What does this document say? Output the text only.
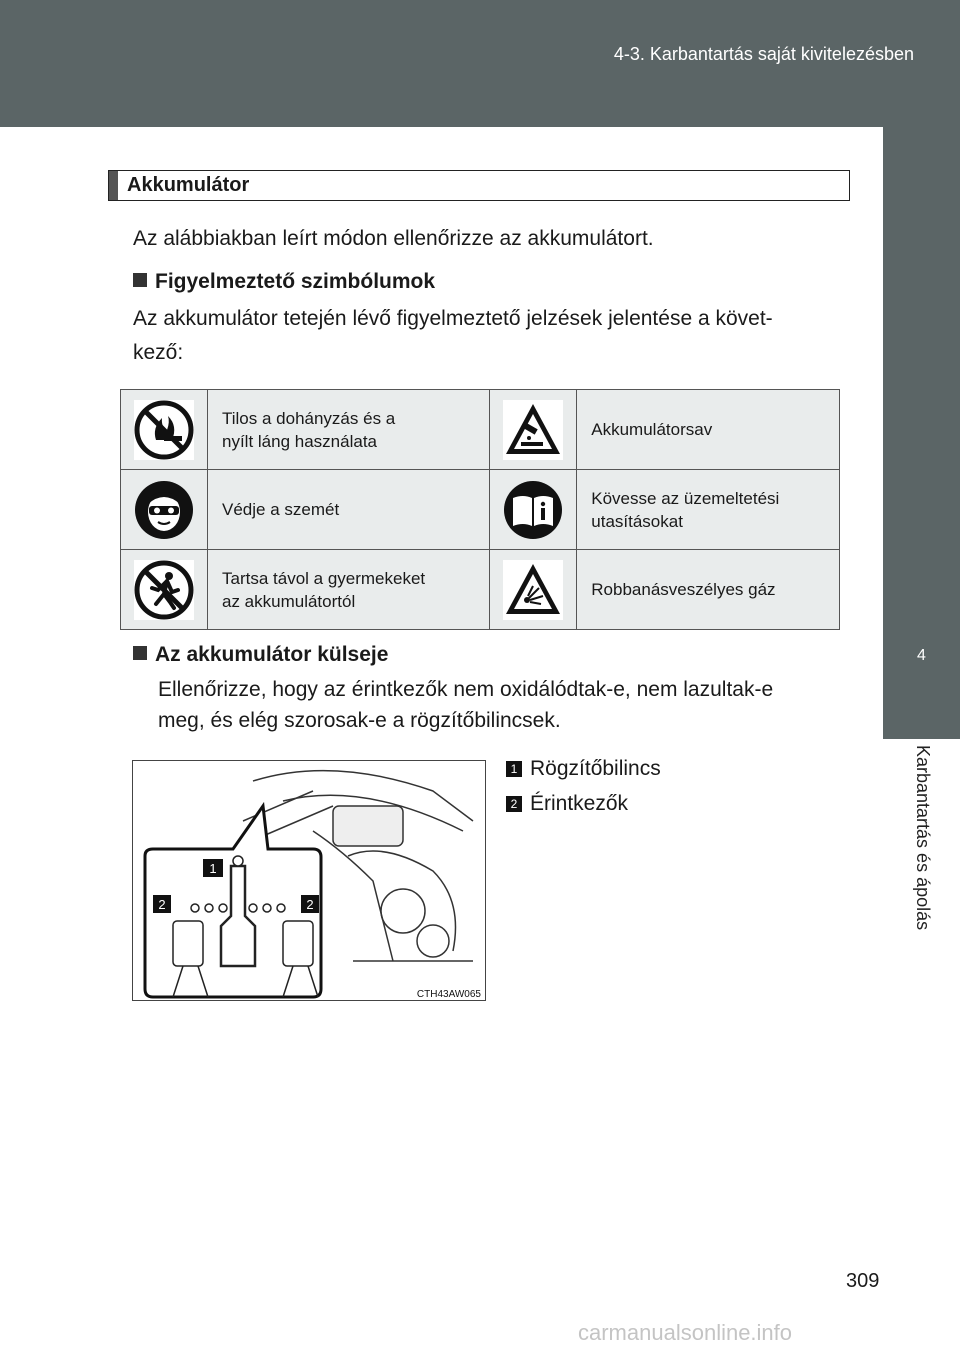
4-3. Karbantartás saját kivitelezésben
4
Karbantartás és ápolás
Akkumulátor
Az alábbiakban leírt módon ellenőrizze az akkumulátort.
Figyelmeztető szimbólumok
Az akkumulátor tetején lévő figyelmeztető jelzések jelentése a követ-
kező:

Tilos a dohányzás és a
nyílt láng használata		Akkumulátorsav

Védje a szemét		Kövesse az üzemeltetési
utasításokat

Tartsa távol a gyermekeket
az akkumulátortól		Robbanásveszélyes gáz
Az akkumulátor külseje
Ellenőrizze, hogy az érintkezők nem oxidálódtak-e, nem lazultak-e
meg, és elég szorosak-e a rögzítőbilincsek.
1
2	2
CTH43AW065
1 Rögzítőbilincs
2 Érintkezők
309
carmanualsonline.info
